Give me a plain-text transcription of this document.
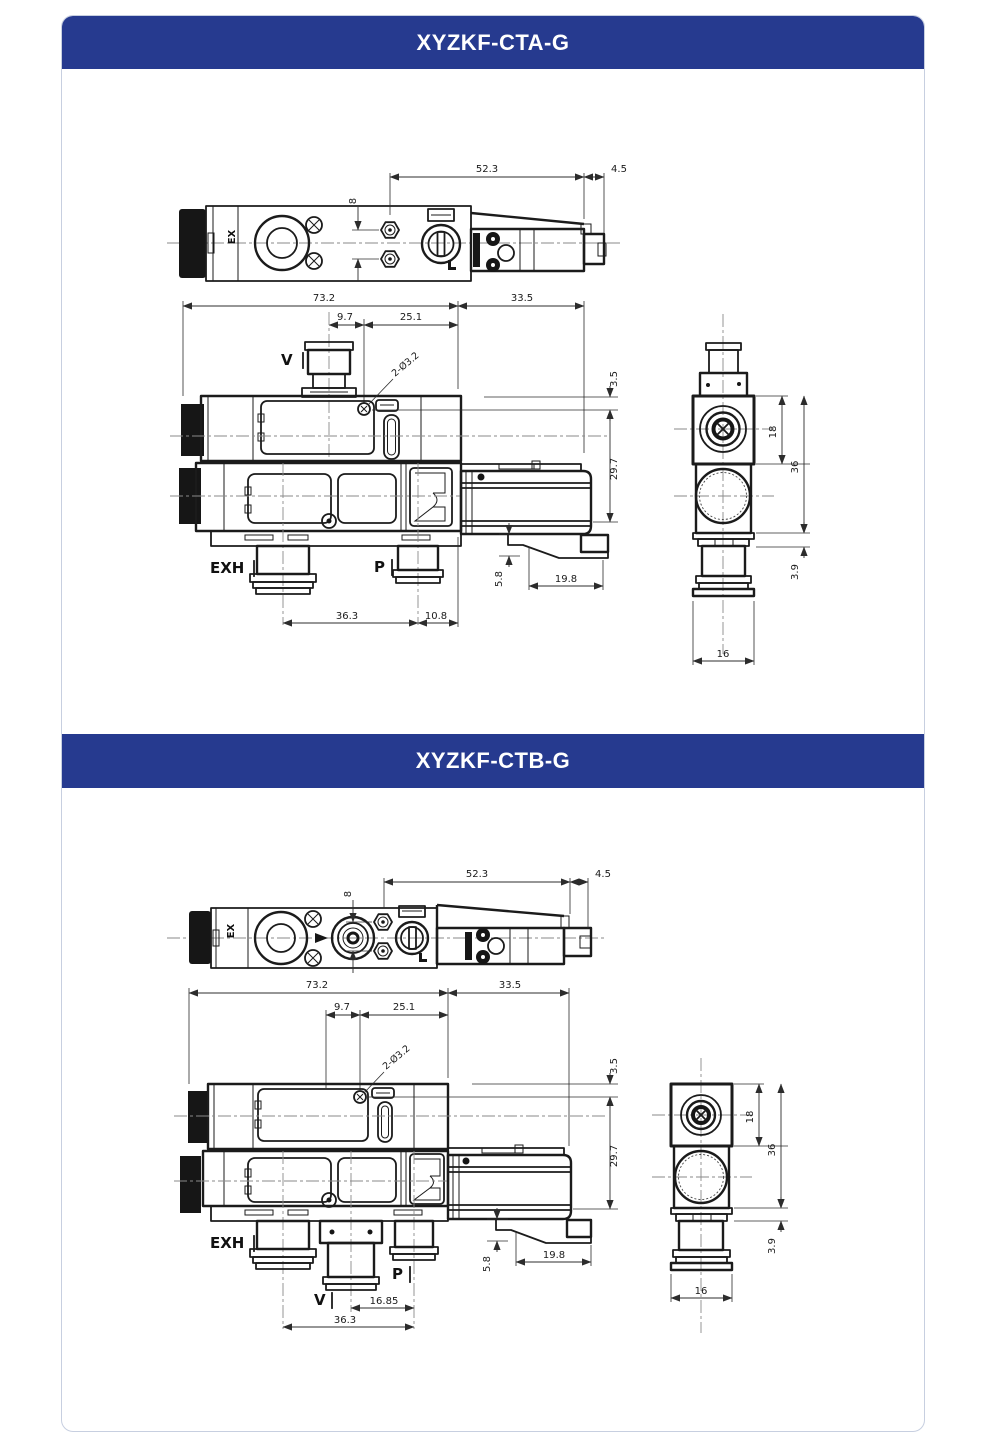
XYZKF-CTA-G
EX
52.3	4.5
8
73.2	33.5
9.7	25.1
V	2-Ø3.2
EXH	P
36.3	10.8
5.8	19.8
3.5
29.7
18
36
3.9
16
XYZKF-CTB-G
EX
52.3	4.5
8
73.2	33.5
9.7	25.1
2-Ø3.2
EXH
V
P
16.85
36.3
5.8
19.8
3.5
29.7
18
36
3.9
16
